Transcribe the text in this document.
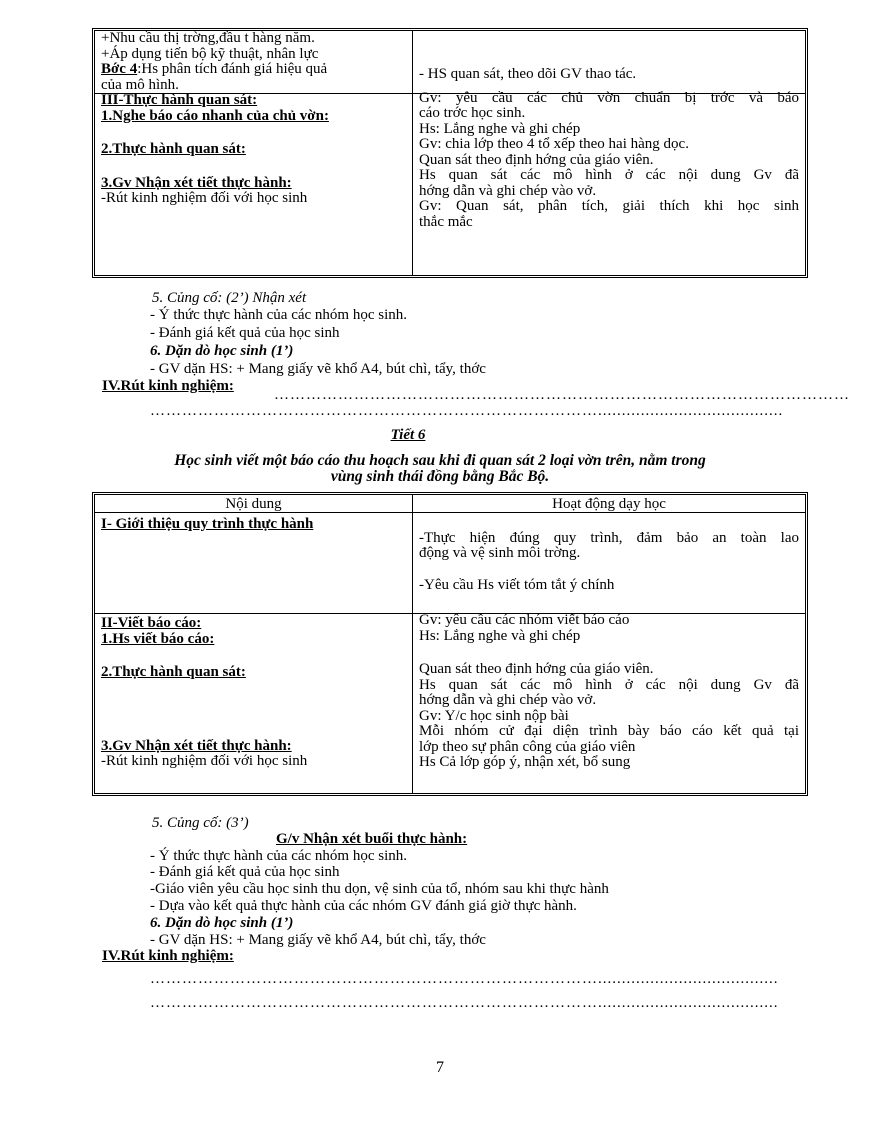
+Nhu cầu thị trờng,đầu t hàng năm.
+Áp dụng tiến bộ kỹ thuật, nhân lực
Bớc 4:Hs phân tích đánh giá hiệu quả
của mô hình.
III-Thực hành quan sát:
1.Nghe báo cáo nhanh của chủ vờn:
2.Thực hành quan sát:
3.Gv Nhận xét tiết thực hành:
-Rút kinh nghiệm đối với học sinh
- HS quan sát, theo dõi GV thao tác.
Gv: yêu cầu các chủ vờn chuẩn bị trớc và báo
cáo trớc học sinh.
Hs: Lắng nghe và ghi chép
Gv: chia lớp theo 4 tổ xếp theo hai hàng dọc.
Quan sát theo định hớng của giáo viên.
Hs quan sát các mô hình ở các nội dung Gv đã
hớng dẫn và ghi chép vào vở.
Gv: Quan sát, phân tích, giải thích khi học sinh
thắc mắc
5. Củng cố: (2’) Nhận xét
- Ý thức thực hành của các nhóm học sinh.
- Đánh giá kết quả của học sinh
6. Dặn dò học sinh (1’)
- GV dặn HS: + Mang giấy vẽ khổ A4, bút chì, tẩy, thớc
IV.Rút kinh nghiệm:
………………………………………………………………………………………………
………………………………………………………………………….......................................
Tiết 6
Học sinh viết một báo cáo thu hoạch sau khi đi quan sát 2 loại vờn trên, nằm trong
vùng sinh thái đồng bằng Bắc Bộ.
Nội dung
I- Giới thiệu quy trình thực hành
II-Viết báo cáo:
1.Hs viết báo cáo:
2.Thực hành quan sát:
3.Gv Nhận xét tiết thực hành:
-Rút kinh nghiệm đối với học sinh
Hoạt động dạy học
-Thực hiện đúng quy trình, đảm bảo an toàn lao
động và vệ sinh môi trờng.
-Yêu cầu Hs viết tóm tắt ý chính
Gv: yêu cầu các nhóm viết báo cáo
Hs: Lắng nghe và ghi chép
Quan sát theo định hớng của giáo viên.
Hs quan sát các mô hình ở các nội dung Gv đã
hớng dẫn và ghi chép vào vở.
Gv: Y/c học sinh nộp bài
Mỗi nhóm cử đại diện trình bày báo cáo kết quả tại
lớp theo sự phân công của giáo viên
Hs Cả lớp góp ý, nhận xét, bổ sung
5. Củng cố: (3’)
G/v Nhận xét buổi thực hành:
- Ý thức thực hành của các nhóm học sinh.
- Đánh giá kết quả của học sinh
-Giáo viên yêu cầu học sinh thu dọn, vệ sinh của tổ, nhóm sau khi thực hành
- Dựa vào kết quả thực hành của các nhóm GV đánh giá giờ thực hành.
6. Dặn dò học sinh (1’)
- GV dặn HS: + Mang giấy vẽ khổ A4, bút chì, tẩy, thớc
IV.Rút kinh nghiệm:
…………………………………………………………………………......................................
…………………………………………………………………………......................................
7
